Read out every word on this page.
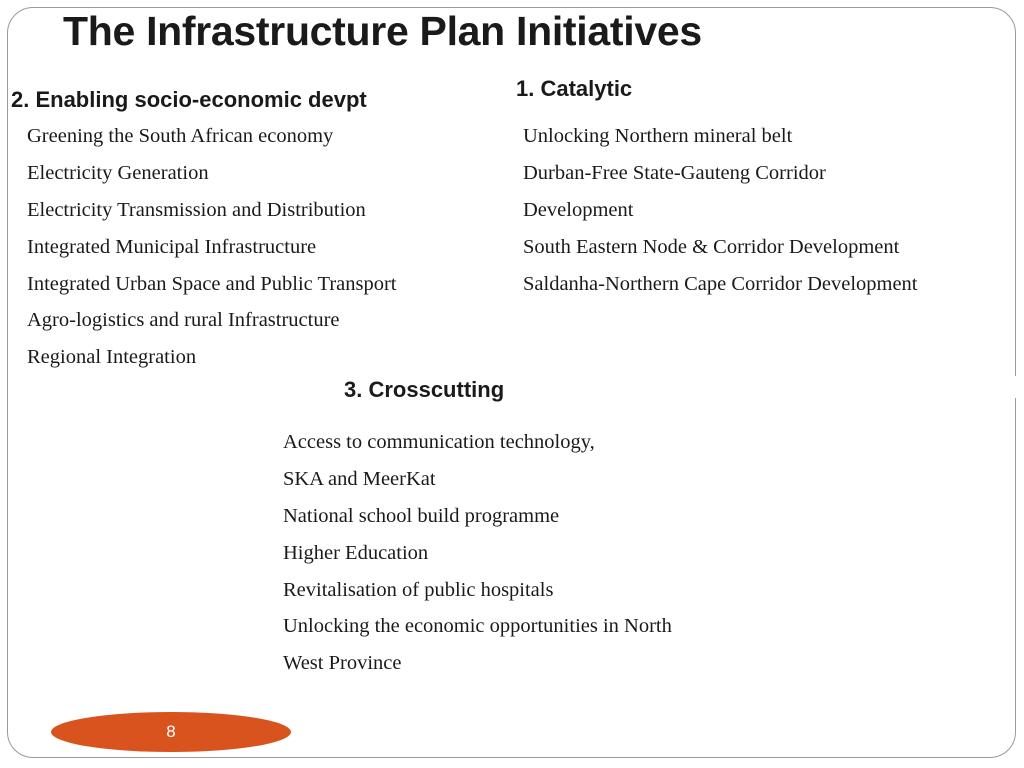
The Infrastructure Plan Initiatives
2. Enabling socio-economic devpt
Greening the South African economy
Electricity Generation
Electricity Transmission and Distribution
Integrated Municipal Infrastructure
Integrated Urban Space and Public Transport
Agro-logistics and rural Infrastructure
Regional Integration
1. Catalytic
Unlocking Northern mineral belt
Durban-Free State-Gauteng Corridor
Development
South Eastern Node & Corridor Development
Saldanha-Northern Cape Corridor Development
3. Crosscutting
Access to communication technology,
SKA and MeerKat
National school build programme
Higher Education
Revitalisation of public hospitals
Unlocking the economic opportunities in North
West Province
8
